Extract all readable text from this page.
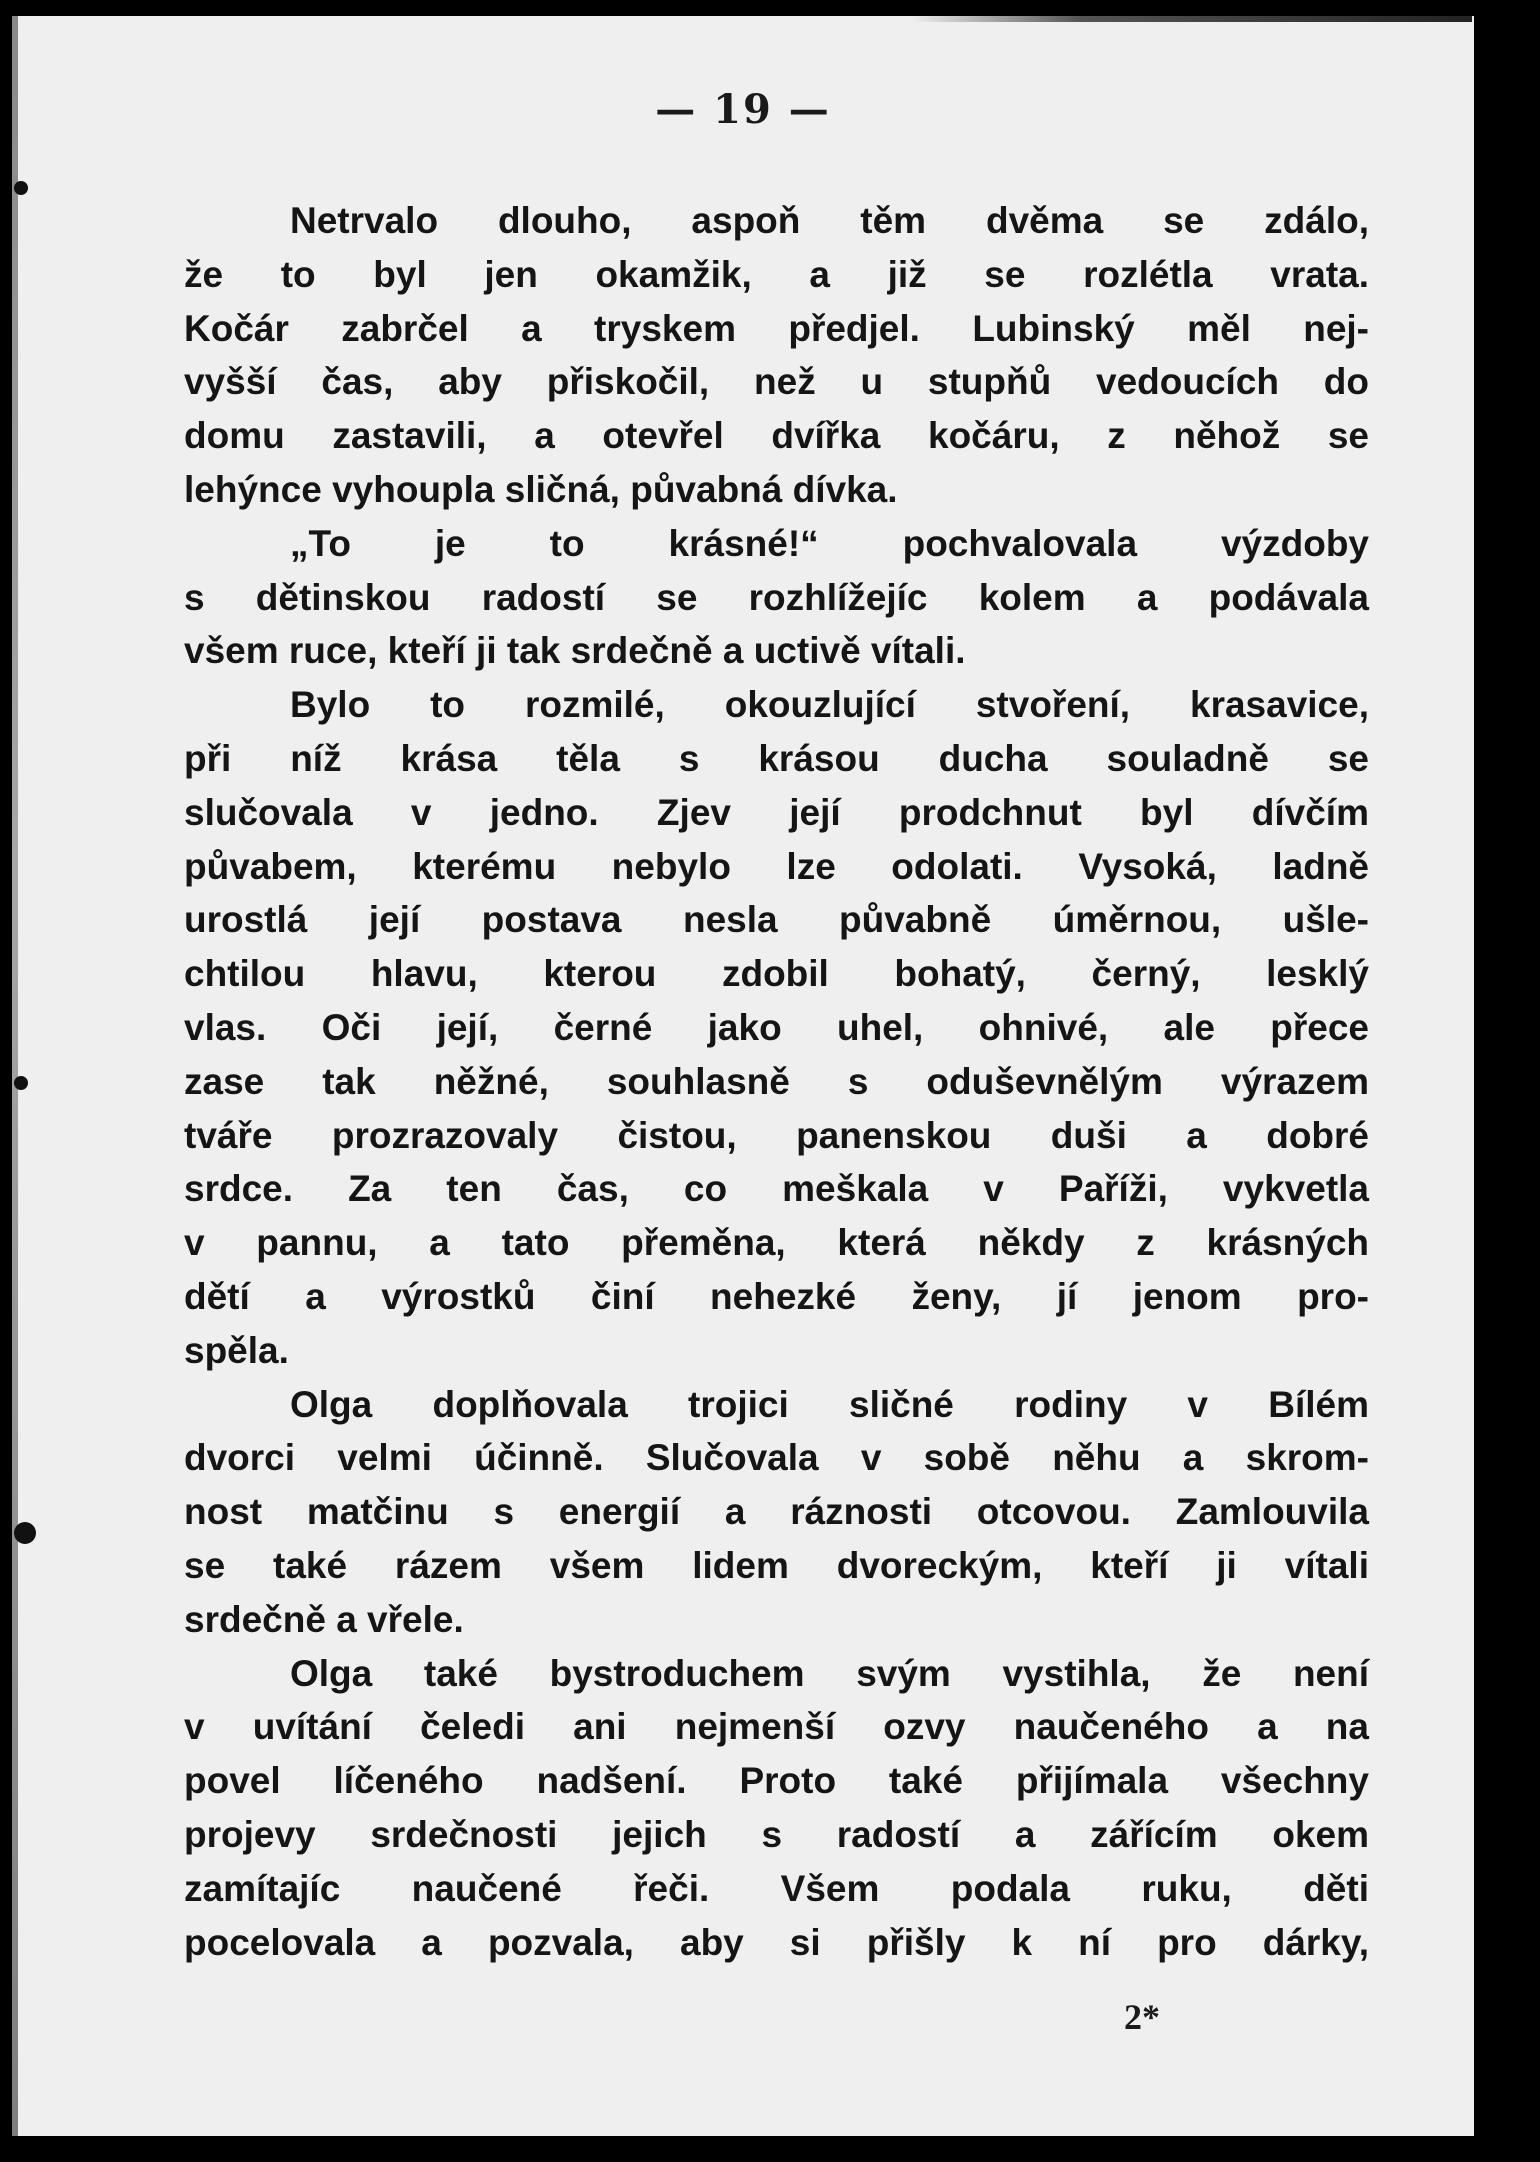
— 19 —
Netrvalo dlouho, aspoň těm dvěma se zdálo,
že to byl jen okamžik, a již se rozlétla vrata.
Kočár zabrčel a tryskem předjel. Lubinský měl nej-
vyšší čas, aby přiskočil, než u stupňů vedoucích do
domu zastavili, a otevřel dvířka kočáru, z něhož se
lehýnce vyhoupla sličná, půvabná dívka.
„To je to krásné!“ pochvalovala výzdoby
s dětinskou radostí se rozhlížejíc kolem a podávala
všem ruce, kteří ji tak srdečně a uctivě vítali.
Bylo to rozmilé, okouzlující stvoření, krasavice,
při níž krása těla s krásou ducha souladně se
slučovala v jedno. Zjev její prodchnut byl dívčím
půvabem, kterému nebylo lze odolati. Vysoká, ladně
urostlá její postava nesla půvabně úměrnou, ušle-
chtilou hlavu, kterou zdobil bohatý, černý, lesklý
vlas. Oči její, černé jako uhel, ohnivé, ale přece
zase tak něžné, souhlasně s oduševnělým výrazem
tváře prozrazovaly čistou, panenskou duši a dobré
srdce. Za ten čas, co meškala v Paříži, vykvetla
v pannu, a tato přeměna, která někdy z krásných
dětí a výrostků činí nehezké ženy, jí jenom pro-
spěla.
Olga doplňovala trojici sličné rodiny v Bílém
dvorci velmi účinně. Slučovala v sobě něhu a skrom-
nost matčinu s energií a ráznosti otcovou. Zamlouvila
se také rázem všem lidem dvoreckým, kteří ji vítali
srdečně a vřele.
Olga také bystroduchem svým vystihla, že není
v uvítání čeledi ani nejmenší ozvy naučeného a na
povel líčeného nadšení. Proto také přijímala všechny
projevy srdečnosti jejich s radostí a zářícím okem
zamítajíc naučené řeči. Všem podala ruku, děti
pocelovala a pozvala, aby si přišly k ní pro dárky,
2*
